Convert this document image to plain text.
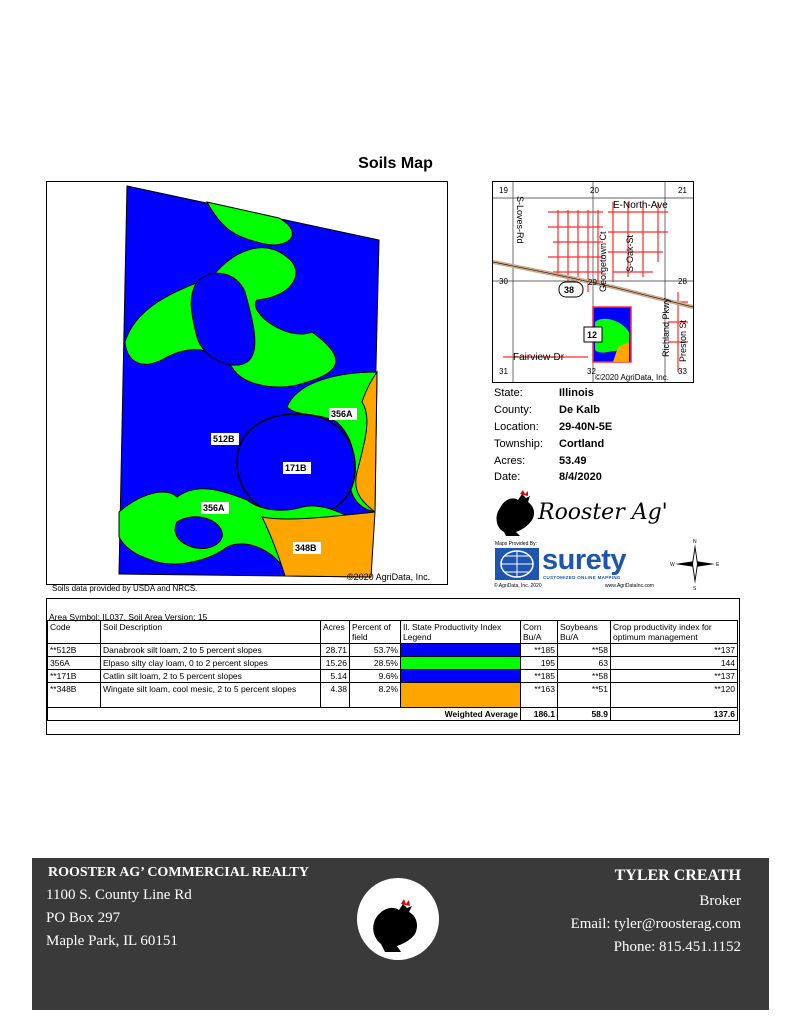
Soils Map
512B
171B
356A
356A
348B
©2020 AgriData, Inc.
Soils data provided by USDA and NRCS.
19	20	21
30	29	28
31	32	33
E-North-Ave
S-Loves-Rd
Georgetown Ct S-Oak-St
Richland Pkwy Preston St
Fairview-Dr
©2020 AgriData, Inc.
38
12
State:	Illinois
County:	De Kalb
Location:	29-40N-5E
Township:	Cortland
Acres:	53.49
Date:	8/4/2020
Rooster Ag'
Maps Provided By: surety
CUSTOMIZED ONLINE MAPPING
© AgriData, Inc. 2020	www.AgriDataInc.com
N
S
E
W
Area Symbol: IL037, Soil Area Version: 15
Code	Soil Description	Acres	Percent of field	Il. State Productivity Index Legend	Corn Bu/A	Soybeans Bu/A	Crop productivity index for optimum management
**512B	Danabrook silt loam, 2 to 5 percent slopes	28.71	53.7%		**185	**58	**137
356A	Elpaso silty clay loam, 0 to 2 percent slopes	15.26	28.5%		195	63	144
**171B	Catlin silt loam, 2 to 5 percent slopes	5.14	9.6%		**185	**58	**137
**348B	Wingate silt loam, cool mesic, 2 to 5 percent slopes	4.38	8.2%		**163	**51	**120
Weighted Average					186.1	58.9	137.6
ROOSTER AG’ COMMERCIAL REALTY
1100 S. County Line Rd
PO Box 297
Maple Park, IL 60151
TYLER CREATH
Broker
Email: tyler@roosterag.com
Phone: 815.451.1152
